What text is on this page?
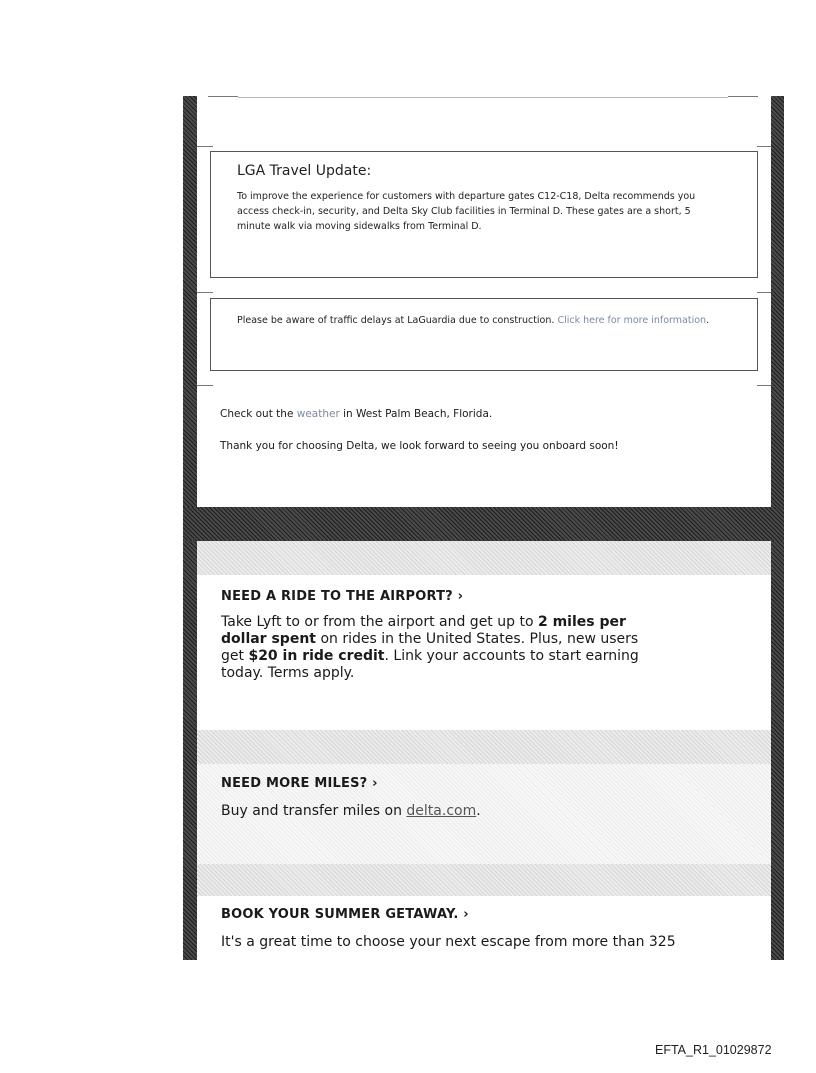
LGA Travel Update:
To improve the experience for customers with departure gates C12-C18, Delta recommends you access check-in, security, and Delta Sky Club facilities in Terminal D. These gates are a short, 5 minute walk via moving sidewalks from Terminal D.
Please be aware of traffic delays at LaGuardia due to construction. Click here for more information.
Check out the weather in West Palm Beach, Florida.
Thank you for choosing Delta, we look forward to seeing you onboard soon!
NEED A RIDE TO THE AIRPORT? ›
Take Lyft to or from the airport and get up to 2 miles per dollar spent on rides in the United States. Plus, new users get $20 in ride credit. Link your accounts to start earning today. Terms apply.
NEED MORE MILES? ›
Buy and transfer miles on delta.com.
BOOK YOUR SUMMER GETAWAY. ›
It's a great time to choose your next escape from more than 325
EFTA_R1_01029872
